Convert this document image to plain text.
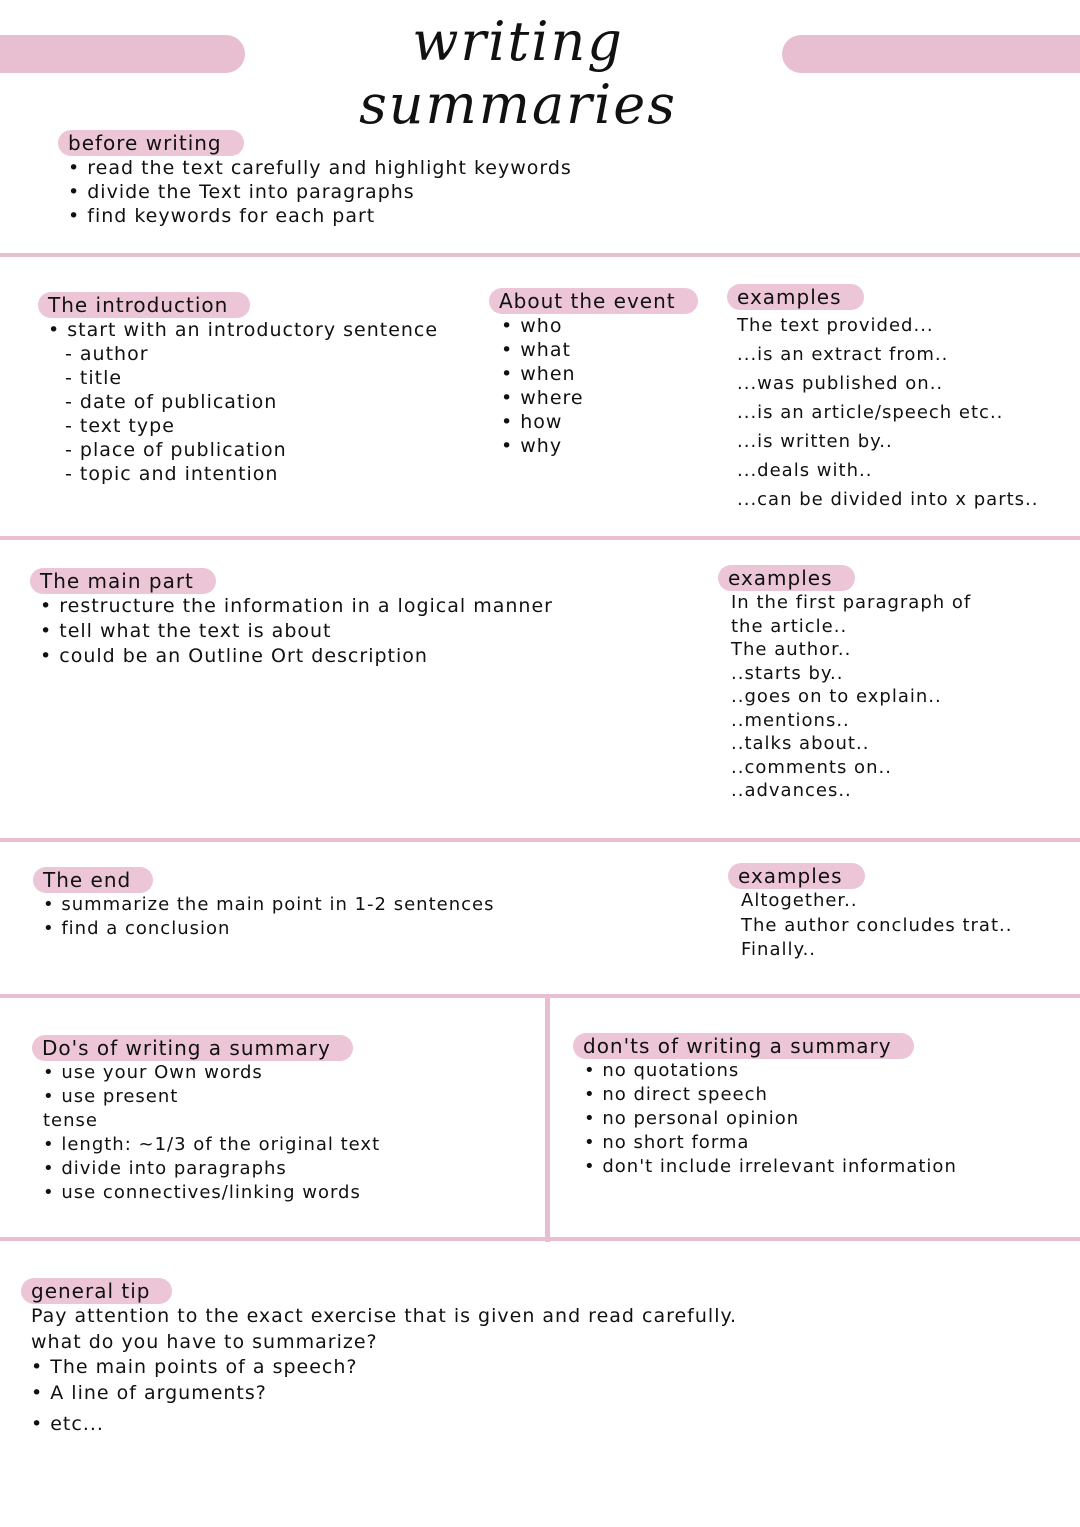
writing summaries
before writing
• read the text carefully and highlight keywords
• divide the Text into paragraphs
• find keywords for each part
The introduction
• start with an introductory sentence
- author
- title
- date of publication
- text type
- place of publication
- topic and intention
About the event
• who
• what
• when
• where
• how
• why
examples
The text provided...
...is an extract from..
...was published on..
...is an article/speech etc..
...is written by..
...deals with..
...can be divided into x parts..
The main part
• restructure the information in a logical manner
• tell what the text is about
• could be an Outline Ort description
examples
In the first paragraph of
the article..
The author..
..starts by..
..goes on to explain..
..mentions..
..talks about..
..comments on..
..advances..
The end
• summarize the main point in 1-2 sentences
• find a conclusion
examples
Altogether..
The author concludes trat..
Finally..
Do's of writing a summary
• use your Own words
• use present
tense
• length: ~1/3 of the original text
• divide into paragraphs
• use connectives/linking words
don'ts of writing a summary
• no quotations
• no direct speech
• no personal opinion
• no short forma
• don't include irrelevant information
general tip
Pay attention to the exact exercise that is given and read carefully.
what do you have to summarize?
• The main points of a speech?
• A line of arguments?
• etc...
